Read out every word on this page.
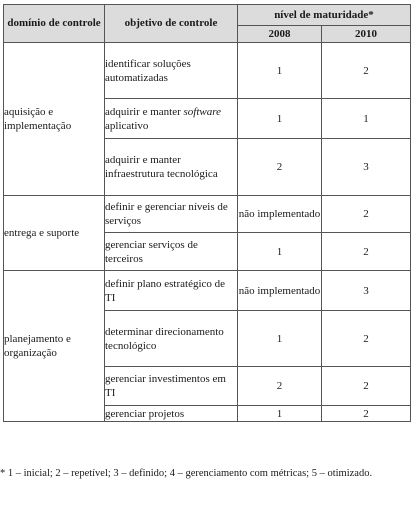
domínio de controle	objetivo de controle	nível de maturidade*	
		2008	2010
aquisição e implementação	identificar soluções automatizadas	1	2
	adquirir e manter software aplicativo	1	1
	adquirir e manter infraestrutura tecnológica	2	3
entrega e suporte	definir e gerenciar níveis de serviços	não implementado	2
	gerenciar serviços de terceiros	1	2
planejamento e organização	definir plano estratégico de TI	não implementado	3
	determinar direcionamento tecnológico	1	2
	gerenciar investimentos em TI	2	2
	gerenciar projetos	1	2
* 1 – inicial; 2 – repetível; 3 – definido; 4 – gerenciamento com métricas; 5 – otimizado.
